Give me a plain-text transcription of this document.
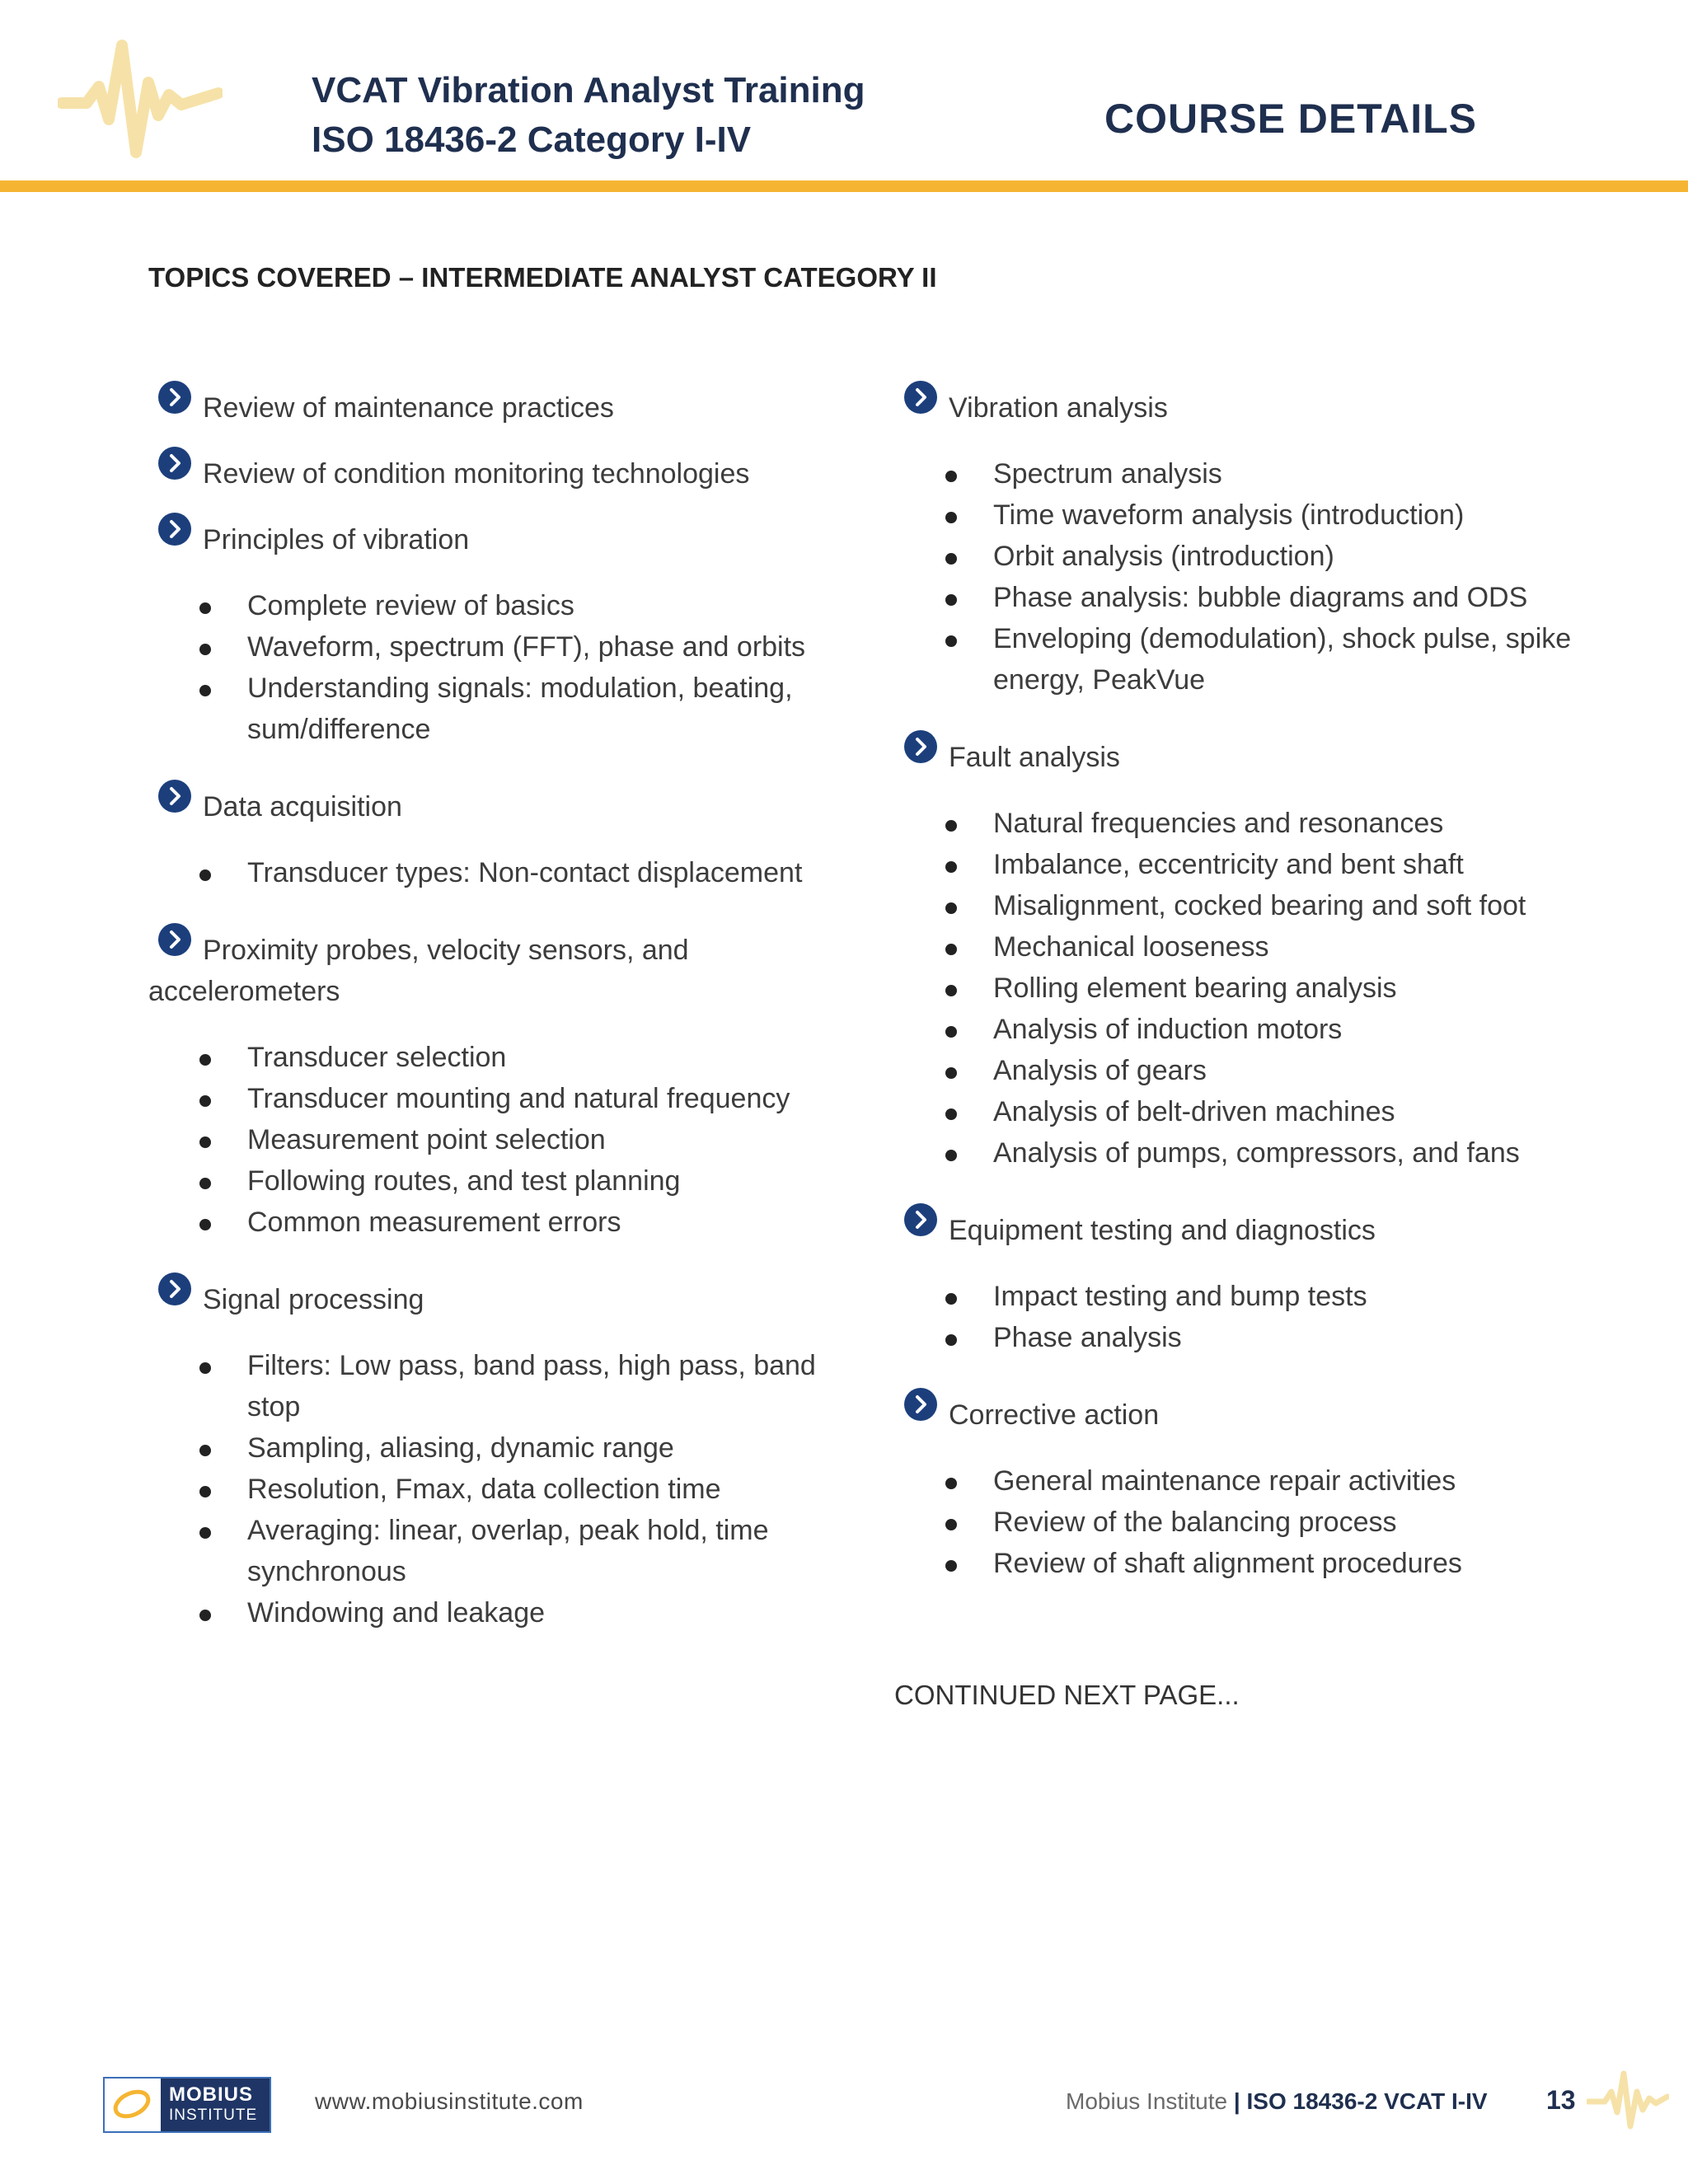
VCAT Vibration Analyst Training
ISO 18436-2 Category I-IV	COURSE DETAILS
TOPICS COVERED – INTERMEDIATE ANALYST CATEGORY II
Review of maintenance practices
Review of condition monitoring technologies
Principles of vibration
Complete review of basics
Waveform, spectrum (FFT), phase and orbits
Understanding signals: modulation, beating, sum/difference
Data acquisition
Transducer types: Non-contact displacement
Proximity probes, velocity sensors, and accelerometers
Transducer selection
Transducer mounting and natural frequency
Measurement point selection
Following routes, and test planning
Common measurement errors
Signal processing
Filters: Low pass, band pass, high pass, band stop
Sampling, aliasing, dynamic range
Resolution, Fmax, data collection time
Averaging: linear, overlap, peak hold, time synchronous
Windowing and leakage
Vibration analysis
Spectrum analysis
Time waveform analysis (introduction)
Orbit analysis (introduction)
Phase analysis: bubble diagrams and ODS
Enveloping (demodulation), shock pulse, spike energy, PeakVue
Fault analysis
Natural frequencies and resonances
Imbalance, eccentricity and bent shaft
Misalignment, cocked bearing and soft foot
Mechanical looseness
Rolling element bearing analysis
Analysis of induction motors
Analysis of gears
Analysis of belt-driven machines
Analysis of pumps, compressors, and fans
Equipment testing and diagnostics
Impact testing and bump tests
Phase analysis
Corrective action
General maintenance repair activities
Review of the balancing process
Review of shaft alignment procedures
CONTINUED NEXT PAGE...
MOBIUS
INSTITUTE
www.mobiusinstitute.com	Mobius Institute | ISO 18436-2 VCAT I-IV 13
